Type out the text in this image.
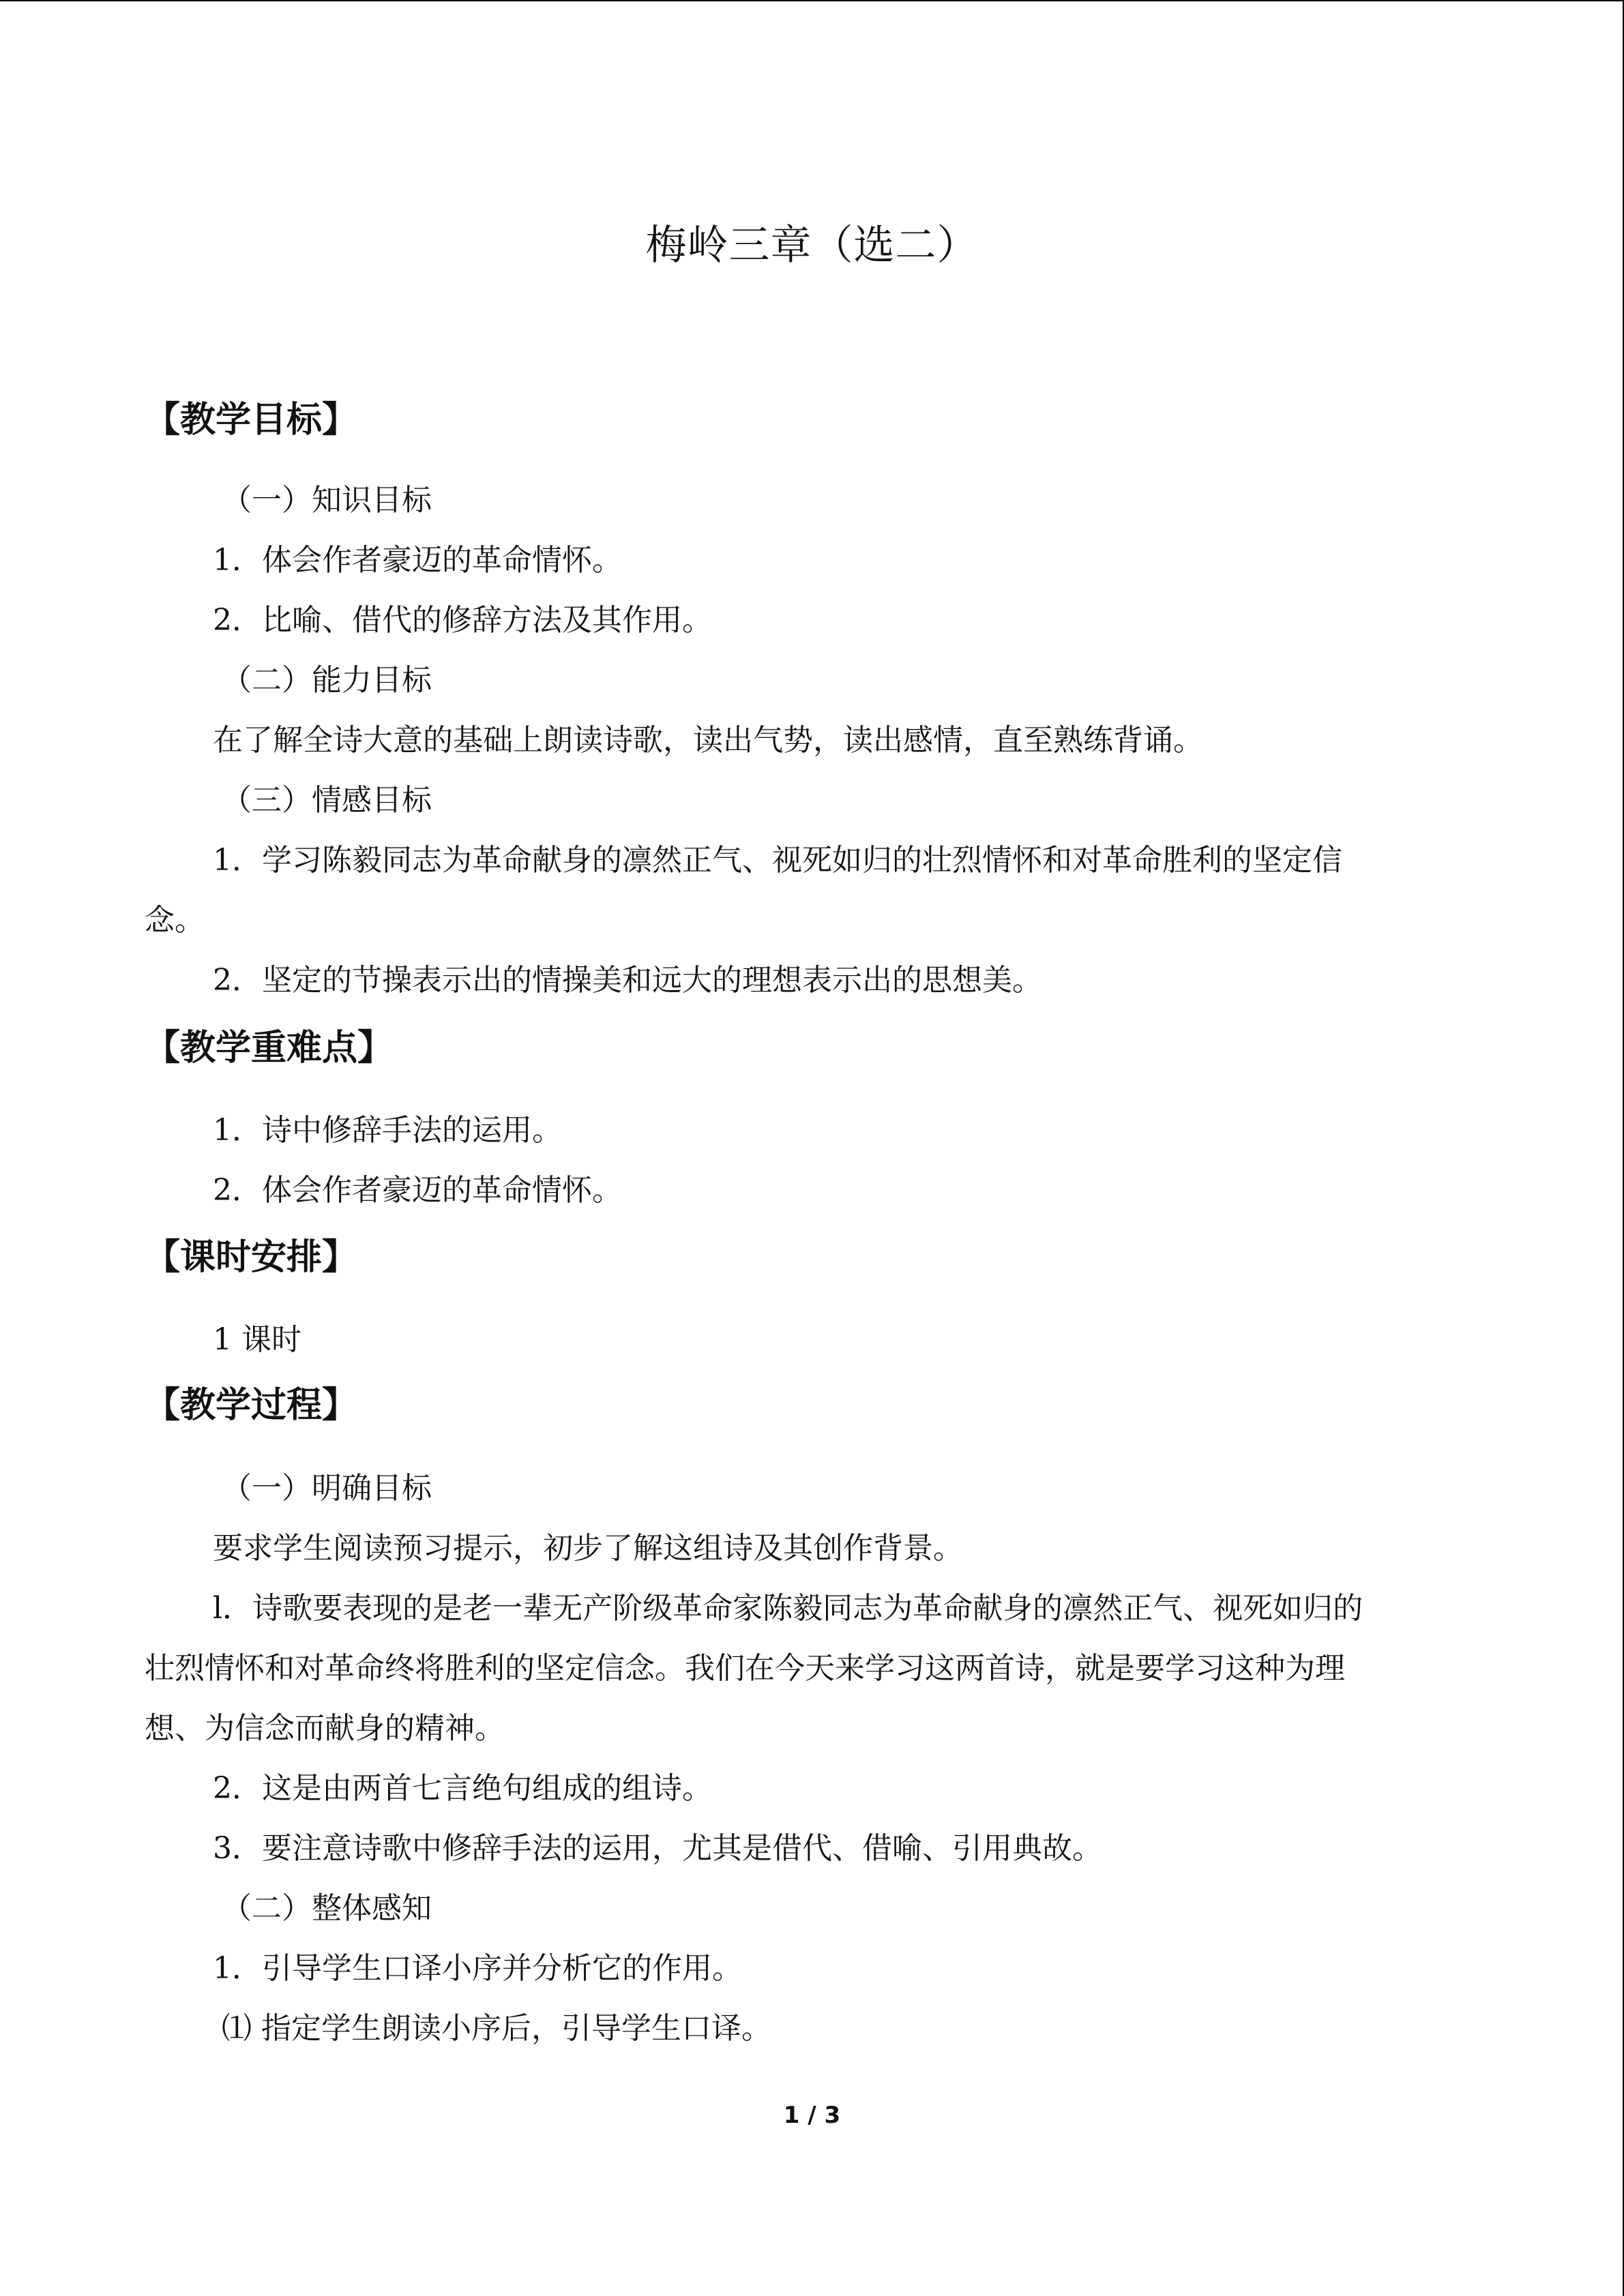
梅岭三章（选二）
【教学目标】
（一）知识目标
1．体会作者豪迈的革命情怀。
2．比喻、借代的修辞方法及其作用。
（二）能力目标
在了解全诗大意的基础上朗读诗歌，读出气势，读出感情，直至熟练背诵。
（三）情感目标
1．学习陈毅同志为革命献身的凛然正气、视死如归的壮烈情怀和对革命胜利的坚定信
念。
2．坚定的节操表示出的情操美和远大的理想表示出的思想美。
【教学重难点】
1．诗中修辞手法的运用。
2．体会作者豪迈的革命情怀。
【课时安排】
1 课时
【教学过程】
（一）明确目标
要求学生阅读预习提示，初步了解这组诗及其创作背景。
l．诗歌要表现的是老一辈无产阶级革命家陈毅同志为革命献身的凛然正气、视死如归的
壮烈情怀和对革命终将胜利的坚定信念。我们在今天来学习这两首诗，就是要学习这种为理
想、为信念而献身的精神。
2．这是由两首七言绝句组成的组诗。
3．要注意诗歌中修辞手法的运用，尤其是借代、借喻、引用典故。
（二）整体感知
1．引导学生口译小序并分析它的作用。
⑴ 指定学生朗读小序后，引导学生口译。
1 / 3
